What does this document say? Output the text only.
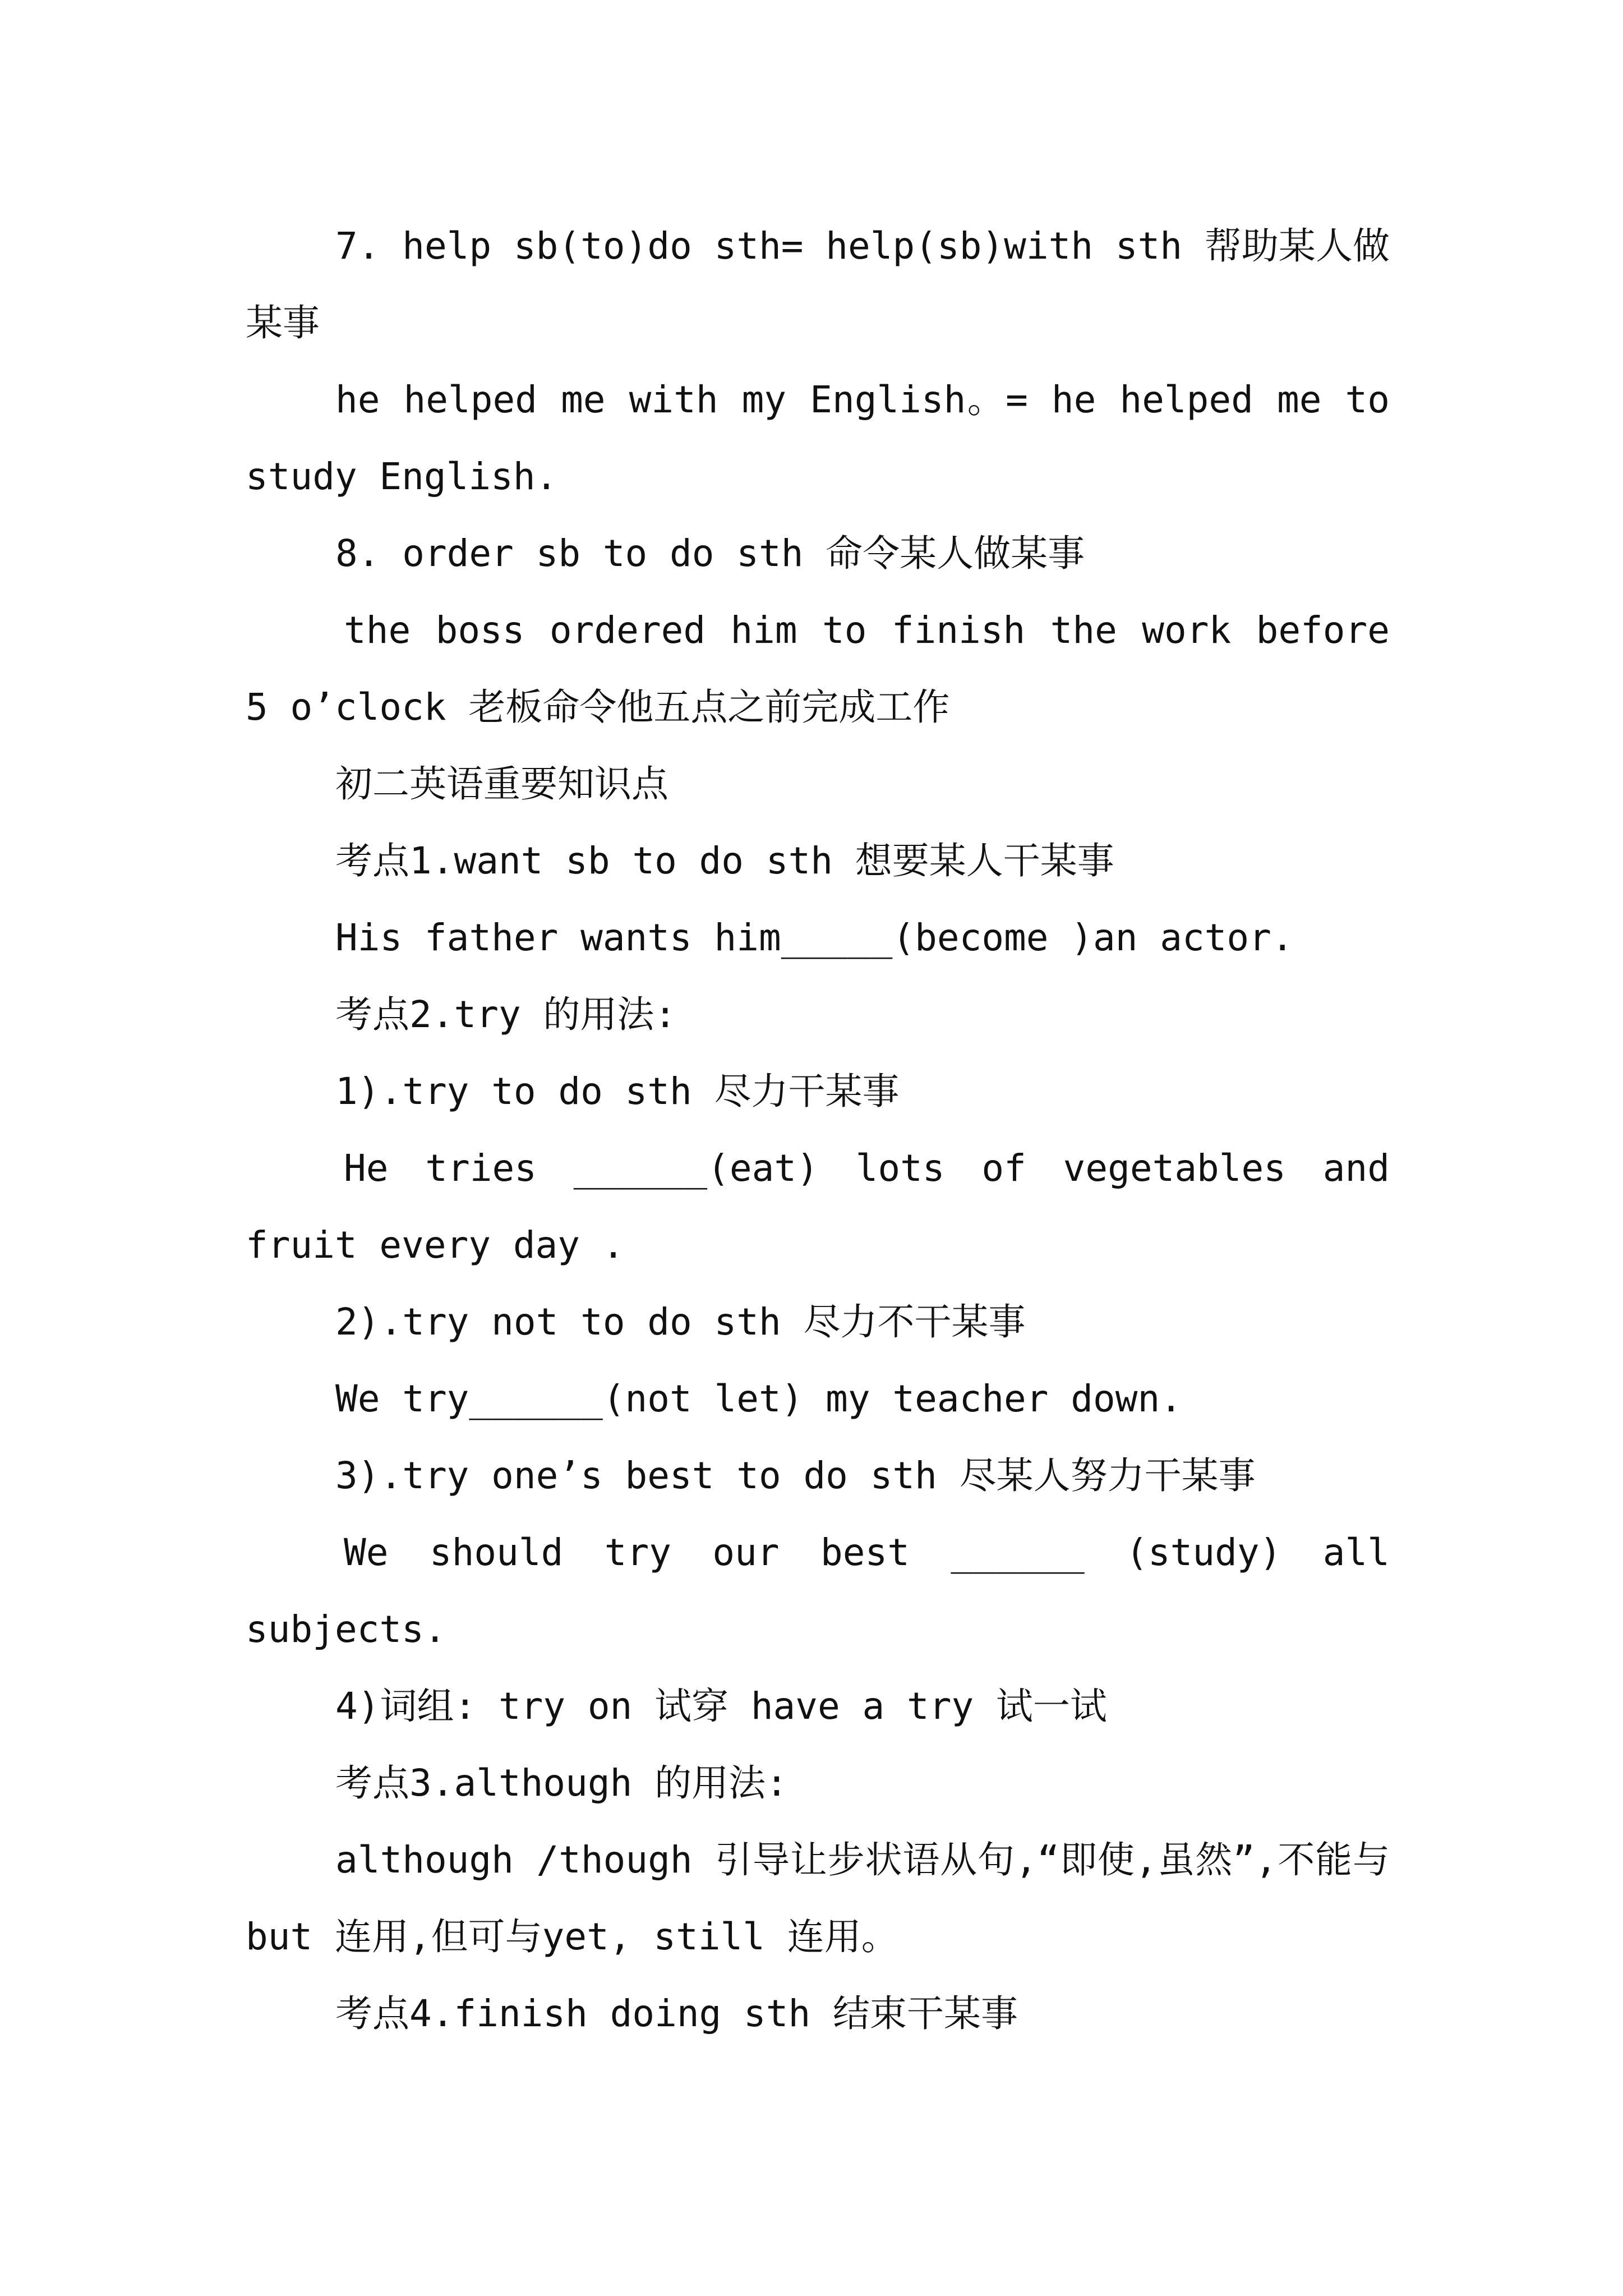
7. help sb(to)do sth= help(sb)with sth 帮助某人做某事

he helped me with my English。= he helped me to study English.

8. order sb to do sth 命令某人做某事

the boss ordered him to finish the work before 5 o’clock 老板命令他五点之前完成工作

初二英语重要知识点

考点1.want sb to do sth 想要某人干某事

His father wants him_____(become )an actor.

考点2.try 的用法:

1).try to do sth 尽力干某事

He tries ______(eat) lots of vegetables and fruit every day .

2).try not to do sth 尽力不干某事

We try______(not let) my teacher down.

3).try one’s best to do sth 尽某人努力干某事

We should try our best ______ (study) all subjects.

4)词组: try on 试穿 have a try 试一试

考点3.although 的用法:

although /though 引导让步状语从句,“即使,虽然”,不能与but 连用,但可与yet, still 连用。

考点4.finish doing sth 结束干某事
